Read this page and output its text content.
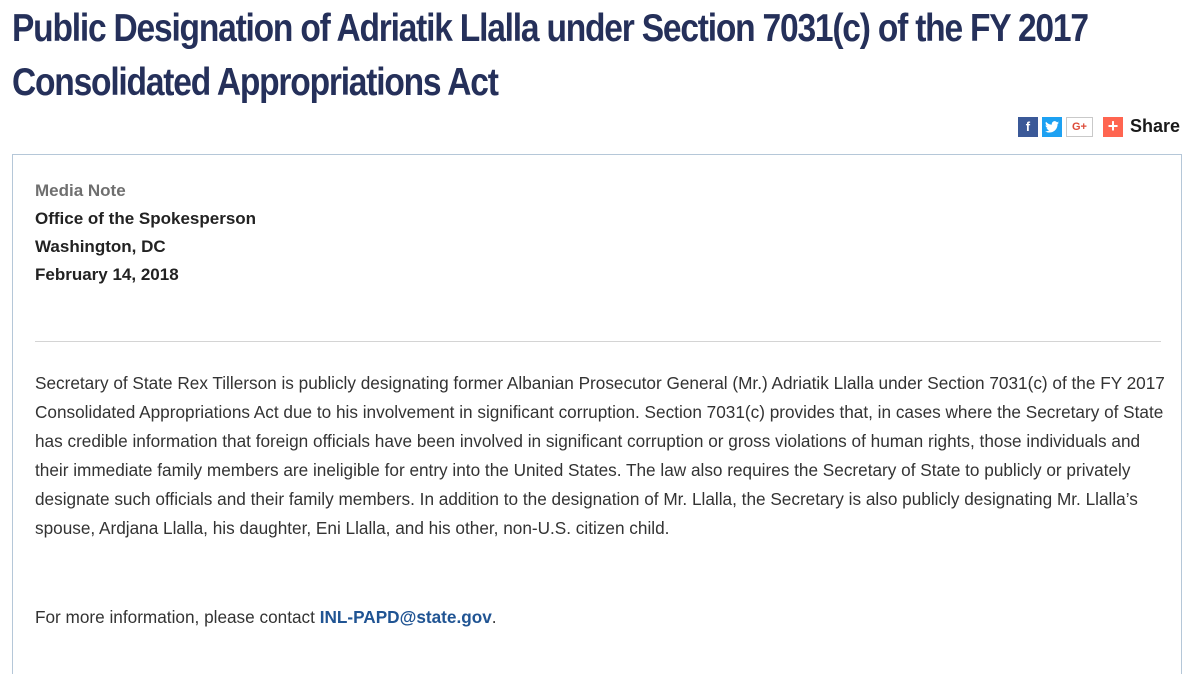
Public Designation of Adriatik Llalla under Section 7031(c) of the FY 2017
Consolidated Appropriations Act
f	G+	+ Share
Media Note
Office of the Spokesperson
Washington, DC
February 14, 2018

Secretary of State Rex Tillerson is publicly designating former Albanian Prosecutor General (Mr.) Adriatik Llalla under Section 7031(c) of the FY 2017 Consolidated Appropriations Act due to his involvement in significant corruption. Section 7031(c) provides that, in cases where the Secretary of State has credible information that foreign officials have been involved in significant corruption or gross violations of human rights, those individuals and their immediate family members are ineligible for entry into the United States. The law also requires the Secretary of State to publicly or privately designate such officials and their family members. In addition to the designation of Mr. Llalla, the Secretary is also publicly designating Mr. Llalla’s spouse, Ardjana Llalla, his daughter, Eni Llalla, and his other, non-U.S. citizen child.

For more information, please contact INL-PAPD@state.gov.
